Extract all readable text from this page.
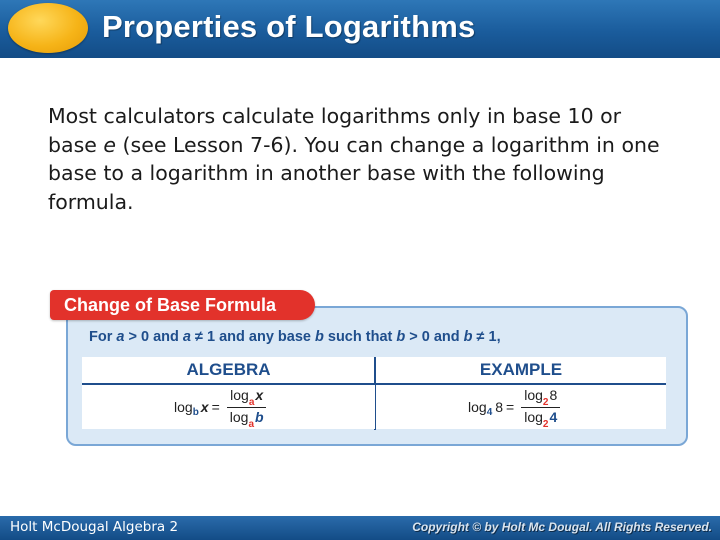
Properties of Logarithms
Most calculators calculate logarithms only in base 10 or base e (see Lesson 7-6). You can change a logarithm in one base to a logarithm in another base with the following formula.
Change of Base Formula
For a > 0 and a ≠ 1 and any base b such that b > 0 and b ≠ 1,
ALGEBRA	EXAMPLE
log b $x = \frac{\log_ax}{\log_ab}$	log 4 $8 = \frac{\log_28}{\log_24}$
Holt McDougal Algebra 2	Copyright © by Holt Mc Dougal. All Rights Reserved.
